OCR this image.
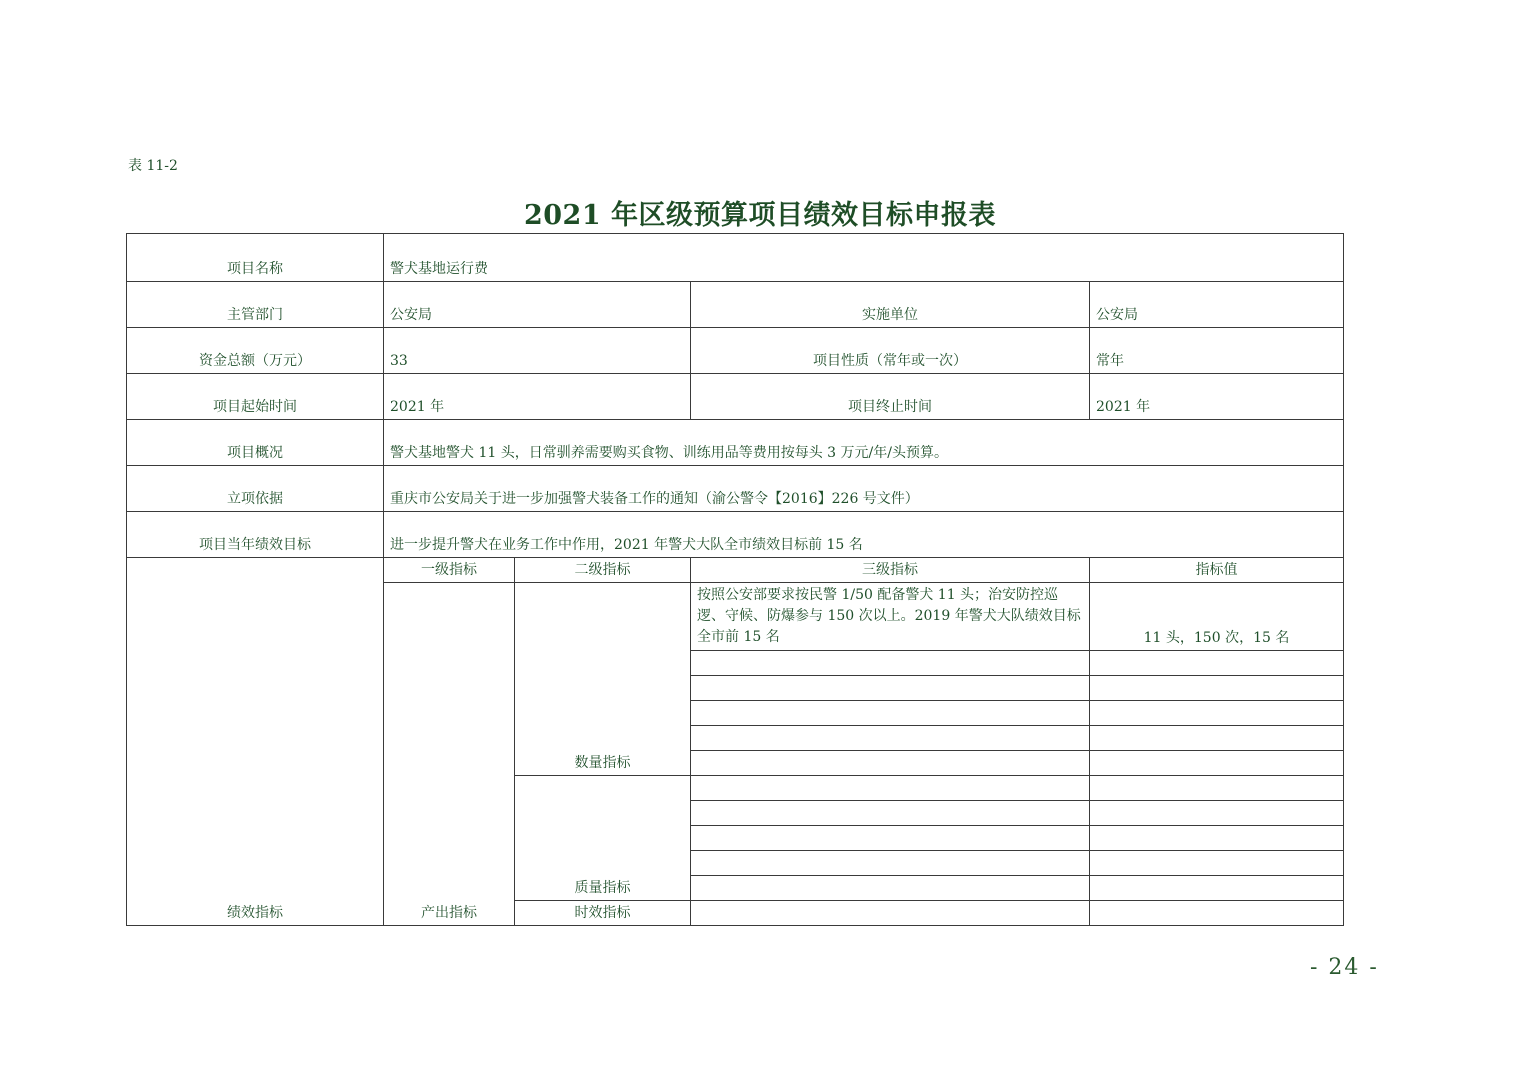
表 11-2
2021 年区级预算项目绩效目标申报表
项目名称	警犬基地运行费			
主管部门	公安局		实施单位	公安局
资金总额（万元）	33		项目性质（常年或一次）	常年
项目起始时间	2021 年		项目终止时间	2021 年
项目概况	警犬基地警犬 11 头，日常驯养需要购买食物、训练用品等费用按每头 3 万元/年/头预算。			
立项依据	重庆市公安局关于进一步加强警犬装备工作的通知（渝公警令【2016】226 号文件）			
项目当年绩效目标	进一步提升警犬在业务工作中作用，2021 年警犬大队全市绩效目标前 15 名			
绩效指标	一级指标	二级指标	三级指标	指标值
	产出指标	数量指标	按照公安部要求按民警 1/50 配备警犬 11 头；治安防控巡逻、守候、防爆参与 150 次以上。2019 年警犬大队绩效目标全市前 15 名	11 头，150 次，15 名

		质量指标		

		时效指标		
- 24 -
